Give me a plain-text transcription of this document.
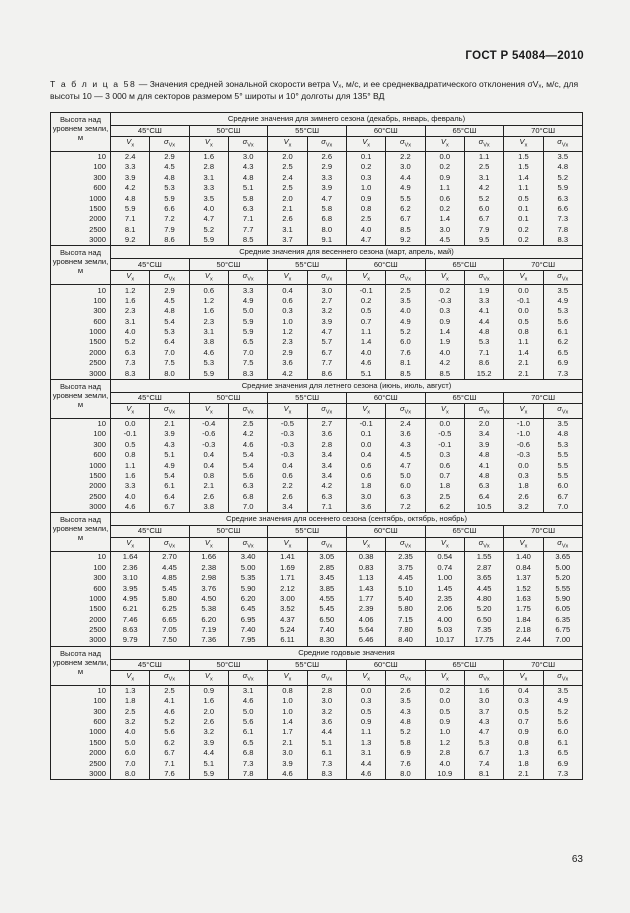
ГОСТ Р 54084—2010
Т а б л и ц а 58 — Значения средней зональной скорости ветра Vₓ, м/с, и ее среднеквадратического отклонения σVₓ, м/с, для высоты 10 — 3 000 м для секторов размером 5° широты и 10° долготы для 135° ВД
Высота над уровнем земли, м	Средние значения для зимнего сезона (декабрь, январь, февраль)											
	45°СШ		50°СШ		55°СШ		60°СШ		65°СШ		70°СШ	
	$V_x$	$\sigma_{Vx}$	$V_x$	$\sigma_{Vx}$	$V_x$	$\sigma_{Vx}$	$V_x$	$\sigma_{Vx}$	$V_x$	$\sigma_{Vx}$	$V_x$	$\sigma_{Vx}$
10	2.4	2.9	1.6	3.0	2.0	2.6	0.1	2.2	0.0	1.1	1.5	3.5
100	3.3	4.5	2.8	4.3	2.5	2.9	0.2	3.0	0.2	2.5	1.5	4.8
300	3.9	4.8	3.1	4.8	2.4	3.3	0.3	4.4	0.9	3.1	1.4	5.2
600	4.2	5.3	3.3	5.1	2.5	3.9	1.0	4.9	1.1	4.2	1.1	5.9
1000	4.8	5.9	3.5	5.8	2.0	4.7	0.9	5.5	0.6	5.2	0.5	6.3
1500	5.9	6.6	4.0	6.3	2.1	5.8	0.8	6.2	0.2	6.0	0.1	6.6
2000	7.1	7.2	4.7	7.1	2.6	6.8	2.5	6.7	1.4	6.7	0.1	7.3
2500	8.1	7.9	5.2	7.7	3.1	8.0	4.0	8.5	3.0	7.9	0.2	7.8
3000	9.2	8.6	5.9	8.5	3.7	9.1	4.7	9.2	4.5	9.5	0.2	8.3
Высота над уровнем земли, м	Средние значения для весеннего сезона (март, апрель, май)											
	45°СШ		50°СШ		55°СШ		60°СШ		65°СШ		70°СШ	
	$V_x$	$\sigma_{Vx}$	$V_x$	$\sigma_{Vx}$	$V_x$	$\sigma_{Vx}$	$V_x$	$\sigma_{Vx}$	$V_x$	$\sigma_{Vx}$	$V_x$	$\sigma_{Vx}$
10	1.2	2.9	0.6	3.3	0.4	3.0	-0.1	2.5	0.2	1.9	0.0	3.5
100	1.6	4.5	1.2	4.9	0.6	2.7	0.2	3.5	-0.3	3.3	-0.1	4.9
300	2.3	4.8	1.6	5.0	0.3	3.2	0.5	4.0	0.3	4.1	0.0	5.3
600	3.1	5.4	2.3	5.9	1.0	3.9	0.7	4.9	0.9	4.4	0.5	5.6
1000	4.0	5.3	3.1	5.9	1.2	4.7	1.1	5.2	1.4	4.8	0.8	6.1
1500	5.2	6.4	3.8	6.5	2.3	5.7	1.4	6.0	1.9	5.3	1.1	6.2
2000	6.3	7.0	4.6	7.0	2.9	6.7	4.0	7.6	4.0	7.1	1.4	6.5
2500	7.3	7.5	5.3	7.5	3.6	7.7	4.6	8.1	4.2	8.6	2.1	6.9
3000	8.3	8.0	5.9	8.3	4.2	8.6	5.1	8.5	8.5	15.2	2.1	7.3
Высота над уровнем земли, м	Средние значения для летнего сезона (июнь, июль, август)											
	45°СШ		50°СШ		55°СШ		60°СШ		65°СШ		70°СШ	
	$V_x$	$\sigma_{Vx}$	$V_x$	$\sigma_{Vx}$	$V_x$	$\sigma_{Vx}$	$V_x$	$\sigma_{Vx}$	$V_x$	$\sigma_{Vx}$	$V_x$	$\sigma_{Vx}$
10	0.0	2.1	-0.4	2.5	-0.5	2.7	-0.1	2.4	0.0	2.0	-1.0	3.5
100	-0.1	3.9	-0.6	4.2	-0.3	3.6	0.1	3.6	-0.5	3.4	-1.0	4.8
300	0.5	4.3	-0.3	4.6	-0.3	2.8	0.0	4.3	-0.1	3.9	-0.6	5.3
600	0.8	5.1	0.4	5.4	-0.3	3.4	0.4	4.5	0.3	4.8	-0.3	5.5
1000	1.1	4.9	0.4	5.4	0.4	3.4	0.6	4.7	0.6	4.1	0.0	5.5
1500	1.6	5.4	0.8	5.6	0.6	3.4	0.6	5.0	0.7	4.8	0.3	5.5
2000	3.3	6.1	2.1	6.3	2.2	4.2	1.8	6.0	1.8	6.3	1.8	6.0
2500	4.0	6.4	2.6	6.8	2.6	6.3	3.0	6.3	2.5	6.4	2.6	6.7
3000	4.6	6.7	3.8	7.0	3.4	7.1	3.6	7.2	6.2	10.5	3.2	7.0
Высота над уровнем земли, м	Средние значения для осеннего сезона (сентябрь, октябрь, ноябрь)											
	45°СШ		50°СШ		55°СШ		60°СШ		65°СШ		70°СШ	
	$V_x$	$\sigma_{Vx}$	$V_x$	$\sigma_{Vx}$	$V_x$	$\sigma_{Vx}$	$V_x$	$\sigma_{Vx}$	$V_x$	$\sigma_{Vx}$	$V_x$	$\sigma_{Vx}$
10	1.64	2.70	1.66	3.40	1.41	3.05	0.38	2.35	0.54	1.55	1.40	3.65
100	2.36	4.45	2.38	5.00	1.69	2.85	0.83	3.75	0.74	2.87	0.84	5.00
300	3.10	4.85	2.98	5.35	1.71	3.45	1.13	4.45	1.00	3.65	1.37	5.20
600	3.95	5.45	3.76	5.90	2.12	3.85	1.43	5.10	1.45	4.45	1.52	5.55
1000	4.95	5.80	4.50	6.20	3.00	4.55	1.77	5.40	2.35	4.80	1.63	5.90
1500	6.21	6.25	5.38	6.45	3.52	5.45	2.39	5.80	2.06	5.20	1.75	6.05
2000	7.46	6.65	6.20	6.95	4.37	6.50	4.06	7.15	4.00	6.50	1.84	6.35
2500	8.63	7.05	7.19	7.40	5.24	7.40	5.64	7.80	5.03	7.35	2.18	6.75
3000	9.79	7.50	7.36	7.95	6.11	8.30	6.46	8.40	10.17	17.75	2.44	7.00
Высота над уровнем земли, м	Средние годовые значения											
	45°СШ		50°СШ		55°СШ		60°СШ		65°СШ		70°СШ	
	$V_x$	$\sigma_{Vx}$	$V_x$	$\sigma_{Vx}$	$V_x$	$\sigma_{Vx}$	$V_x$	$\sigma_{Vx}$	$V_x$	$\sigma_{Vx}$	$V_x$	$\sigma_{Vx}$
10	1.3	2.5	0.9	3.1	0.8	2.8	0.0	2.6	0.2	1.6	0.4	3.5
100	1.8	4.1	1.6	4.6	1.0	3.0	0.3	3.5	0.0	3.0	0.3	4.9
300	2.5	4.6	2.0	5.0	1.0	3.2	0.5	4.3	0.5	3.7	0.5	5.2
600	3.2	5.2	2.6	5.6	1.4	3.6	0.9	4.8	0.9	4.3	0.7	5.6
1000	4.0	5.6	3.2	6.1	1.7	4.4	1.1	5.2	1.0	4.7	0.9	6.0
1500	5.0	6.2	3.9	6.5	2.1	5.1	1.3	5.8	1.2	5.3	0.8	6.1
2000	6.0	6.7	4.4	6.8	3.0	6.1	3.1	6.9	2.8	6.7	1.3	6.5
2500	7.0	7.1	5.1	7.3	3.9	7.3	4.4	7.6	4.0	7.4	1.8	6.9
3000	8.0	7.6	5.9	7.8	4.6	8.3	4.6	8.0	10.9	8.1	2.1	7.3
63
